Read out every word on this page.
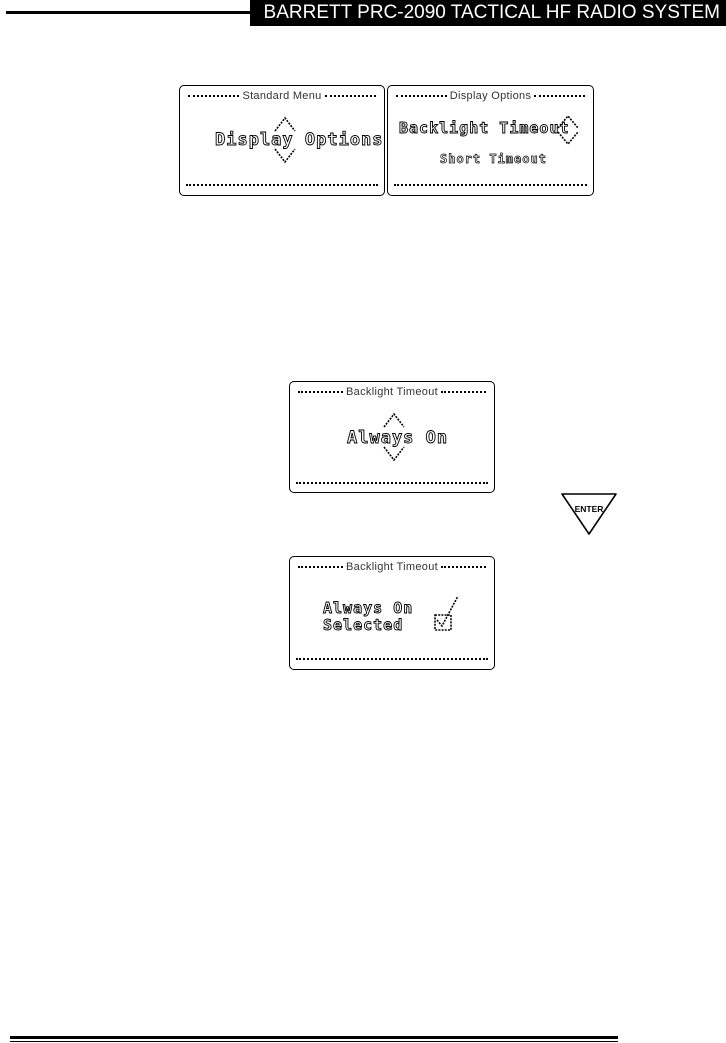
BARRETT PRC-2090 TACTICAL HF RADIO SYSTEM
Standard Menu
Display Options
Display Options
Backlight Timeout
Short Timeout
Backlight Timeout
Always On
ENTER
Backlight Timeout
Always On
Selected
